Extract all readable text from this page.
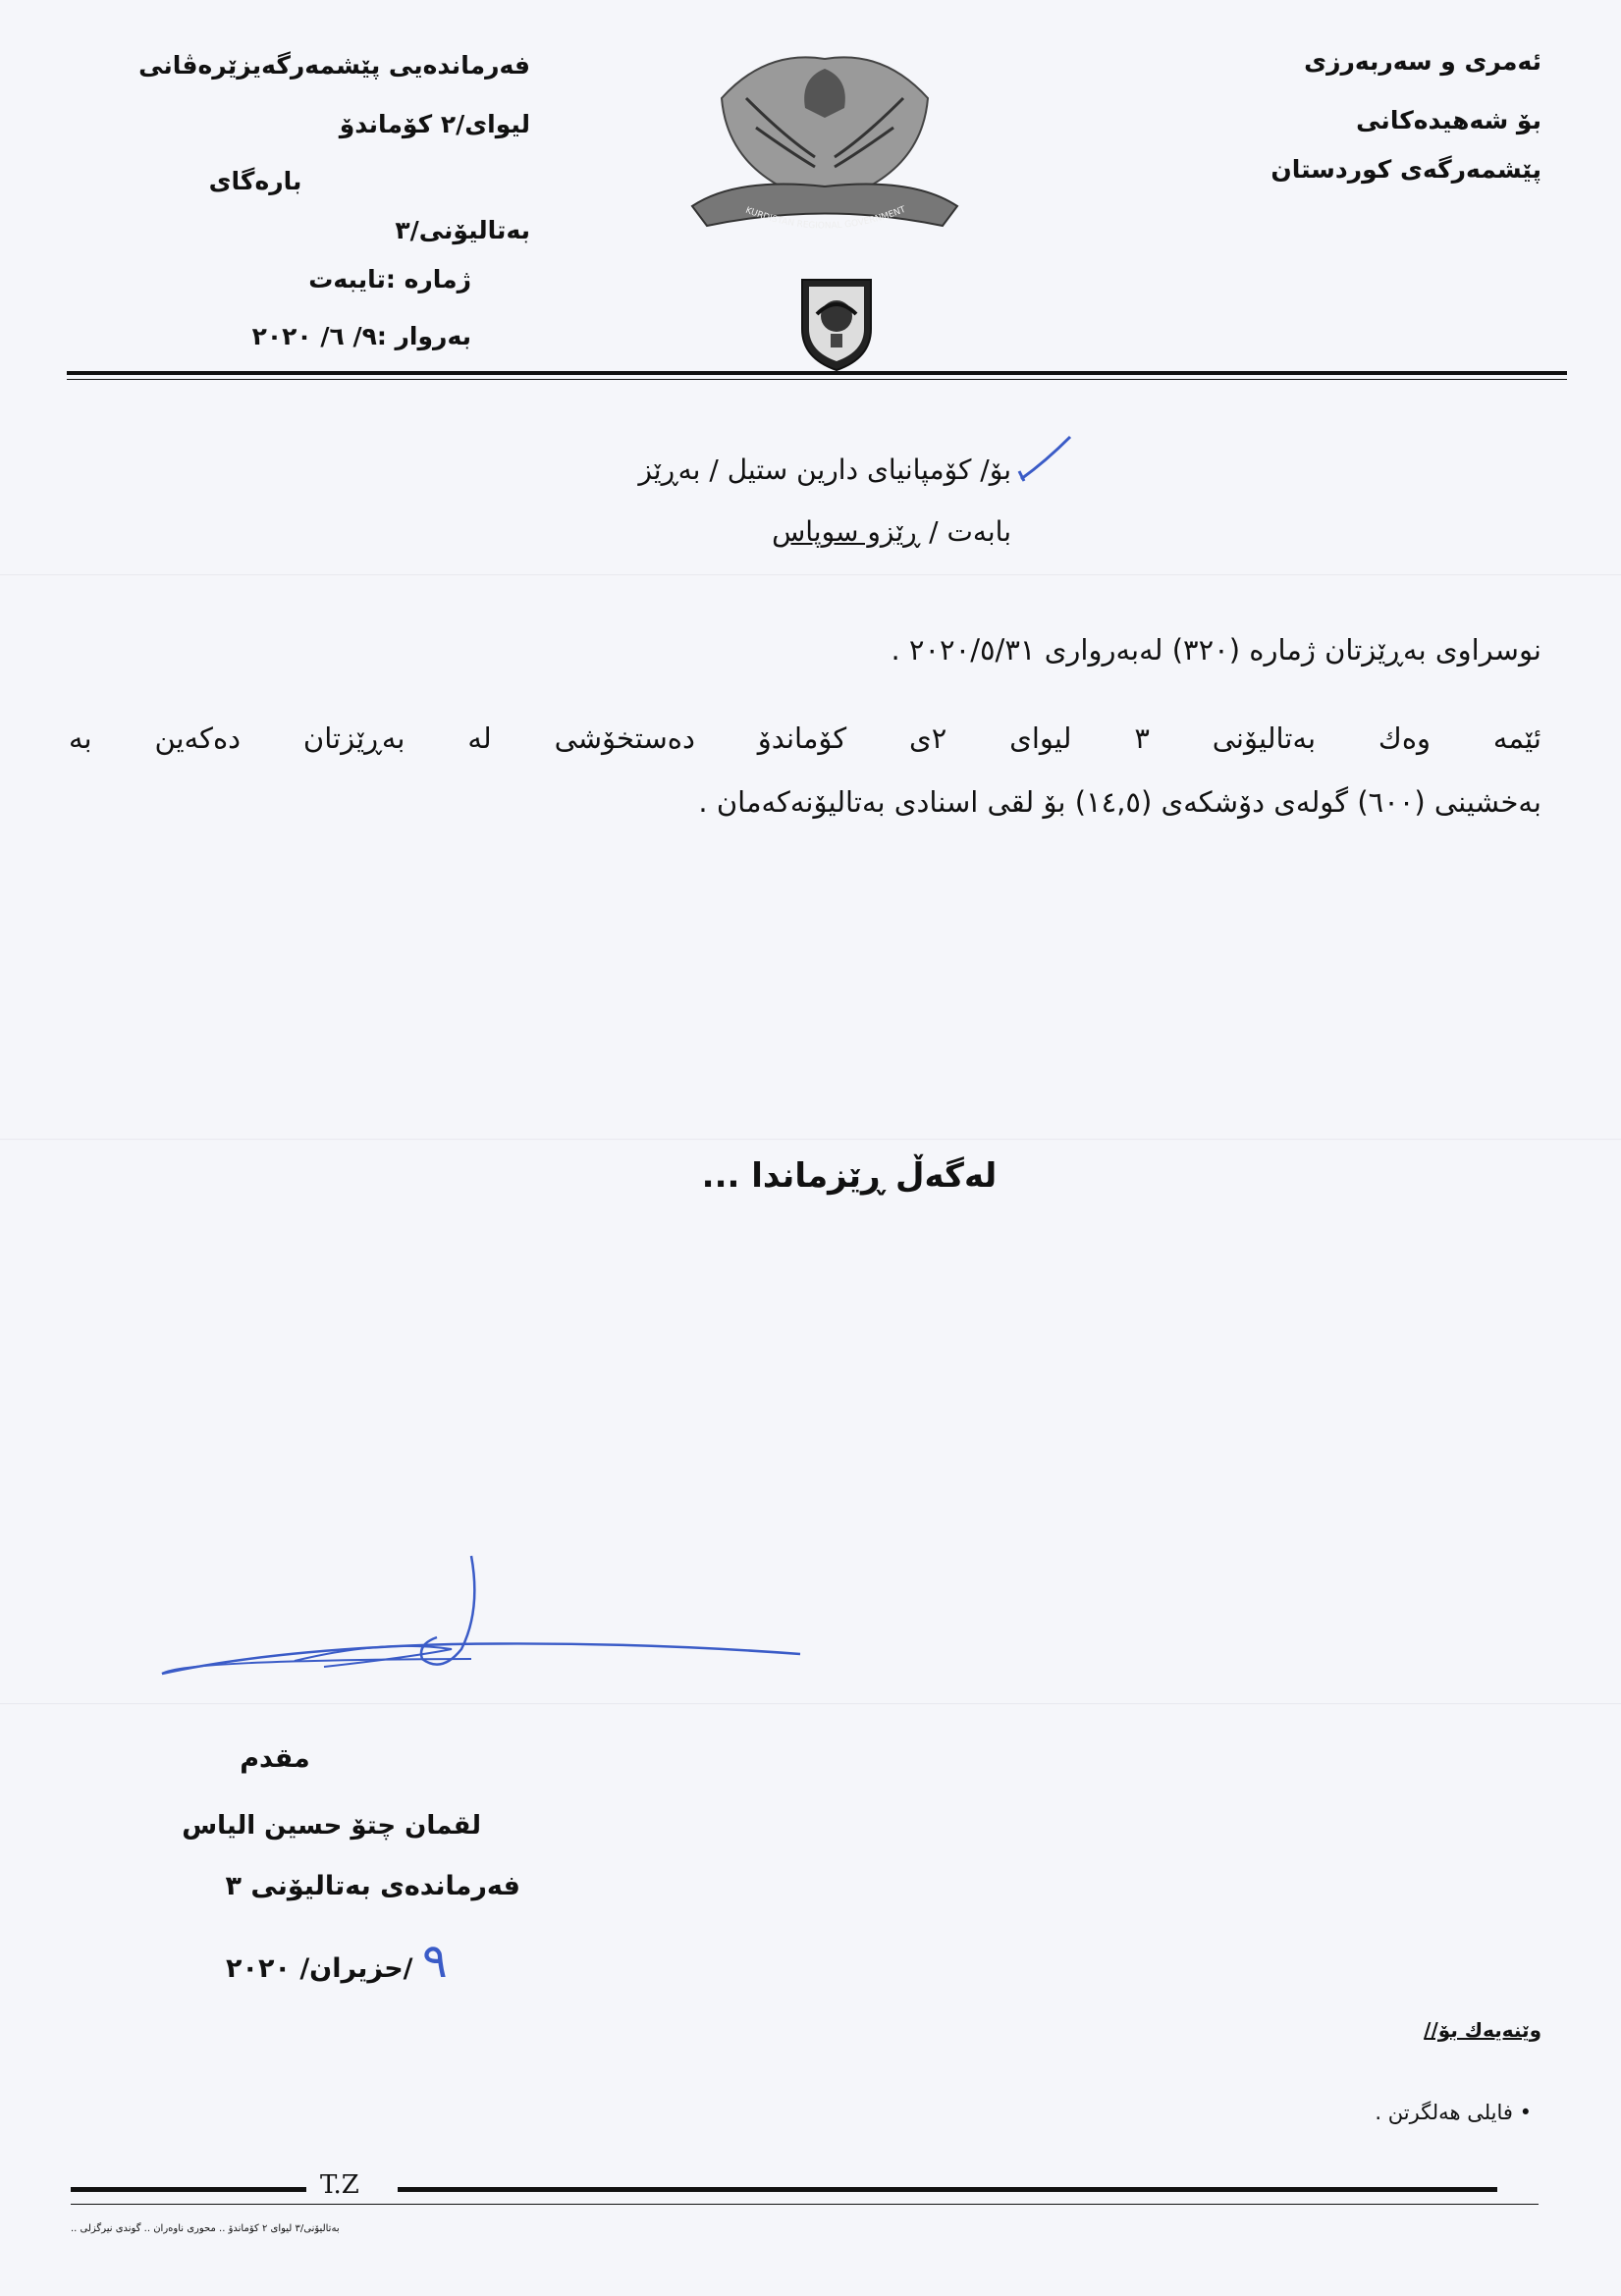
فەرماندەیی پێشمەرگەیزێرەڤانی
لیوای/٢ کۆماندۆ
بارەگای
بەتالیۆنی/٣
ژمارە :تایبەت
بەروار :٩/ ٦/ ٢٠٢٠
ئەمری و سەربەرزی
بۆ شەهیدەکانی
پێشمەرگەی کوردستان
KURDISTAN REGIONAL GOVERNMENT
بۆ/ کۆمپانیای دارین ستیل / بەڕێز
بابەت / ڕێزو سوپاس
نوسراوی بەڕێزتان ژمارە (٣٢٠) لەبەرواری ٢٠٢٠/٥/٣١ .
ئێمە وەك بەتالیۆنی ٣ لیوای ٢ی کۆماندۆ دەستخۆشی لە بەڕێزتان دەکەین بە
بەخشینی (٦٠٠) گولەی دۆشکەی (١٤,٥) بۆ لقی اسنادی بەتالیۆنەکەمان .
لەگەڵ ڕێزماندا ...
مقدم
لقمان چتۆ حسین الیاس
فەرماندەی بەتالیۆنی ٣
٩ /حزیران/ ٢٠٢٠
وێنەیەك بۆ//
• فایلی هەلگرتن .
T.Z
بەتالیۆنی/٣ لیوای ٢ کۆماندۆ .. محوری ناوەران .. گوندی نیرگزلی ..
